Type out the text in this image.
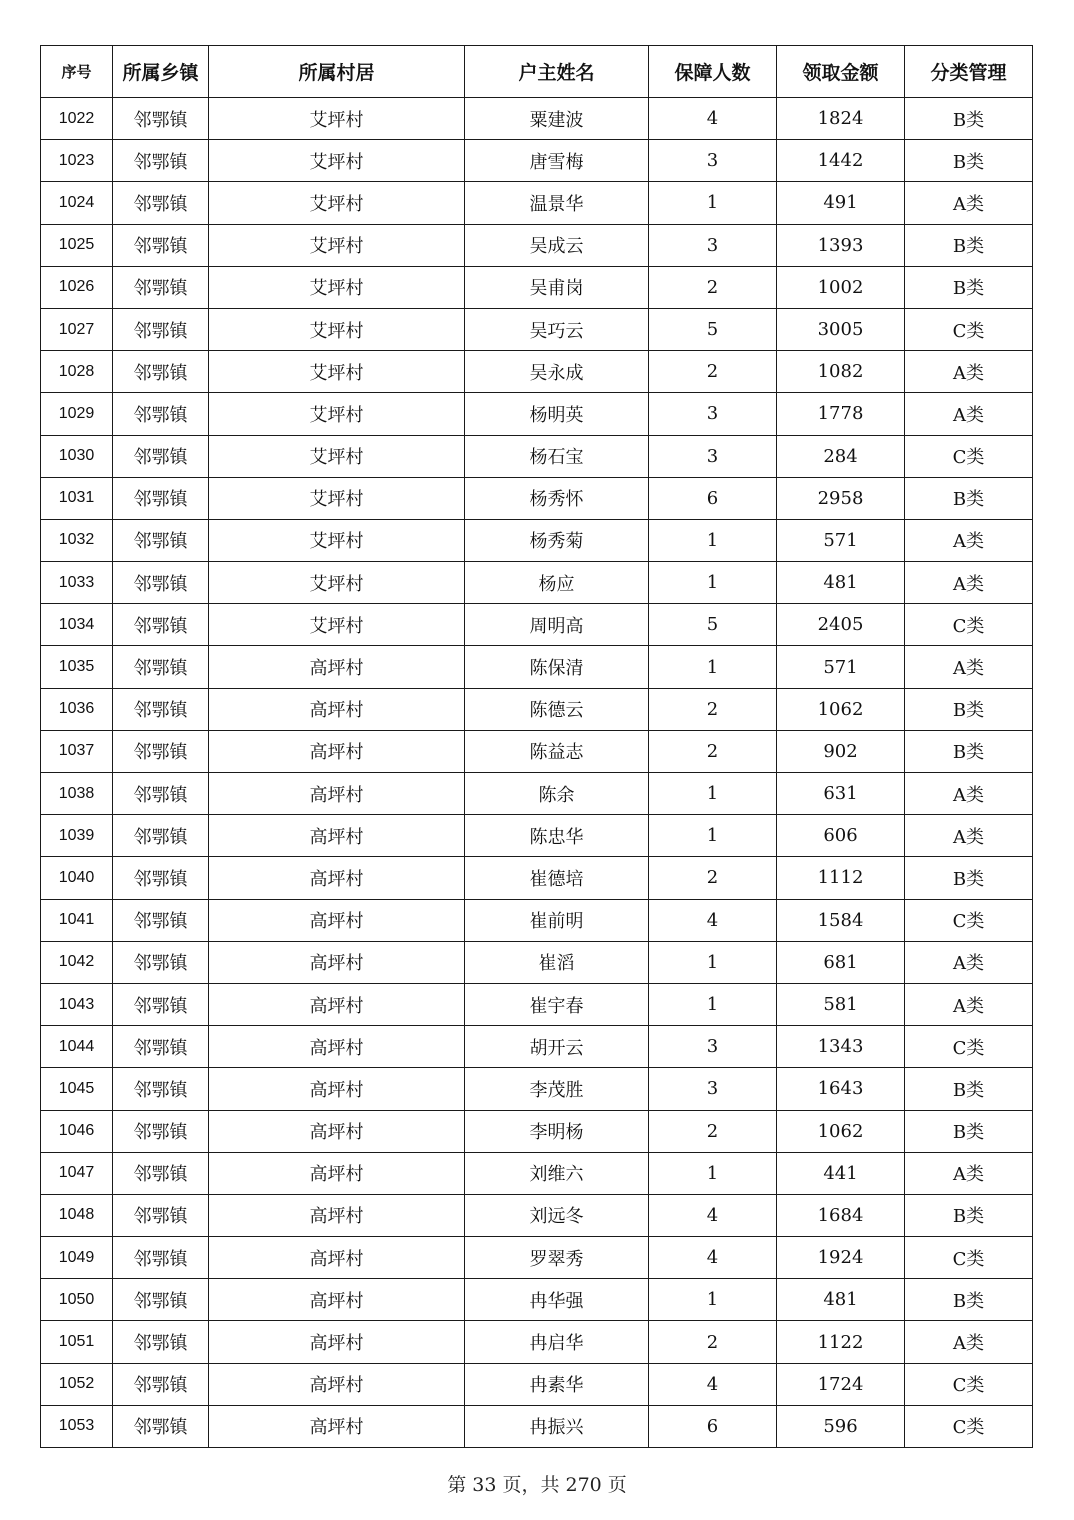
序号	所属乡镇	所属村居	户主姓名	保障人数	领取金额	分类管理
1022	邻鄂镇	艾坪村	粟建波	4	1824	B类
1023	邻鄂镇	艾坪村	唐雪梅	3	1442	B类
1024	邻鄂镇	艾坪村	温景华	1	491	A类
1025	邻鄂镇	艾坪村	吴成云	3	1393	B类
1026	邻鄂镇	艾坪村	吴甫岗	2	1002	B类
1027	邻鄂镇	艾坪村	吴巧云	5	3005	C类
1028	邻鄂镇	艾坪村	吴永成	2	1082	A类
1029	邻鄂镇	艾坪村	杨明英	3	1778	A类
1030	邻鄂镇	艾坪村	杨石宝	3	284	C类
1031	邻鄂镇	艾坪村	杨秀怀	6	2958	B类
1032	邻鄂镇	艾坪村	杨秀菊	1	571	A类
1033	邻鄂镇	艾坪村	杨应	1	481	A类
1034	邻鄂镇	艾坪村	周明高	5	2405	C类
1035	邻鄂镇	高坪村	陈保清	1	571	A类
1036	邻鄂镇	高坪村	陈德云	2	1062	B类
1037	邻鄂镇	高坪村	陈益志	2	902	B类
1038	邻鄂镇	高坪村	陈余	1	631	A类
1039	邻鄂镇	高坪村	陈忠华	1	606	A类
1040	邻鄂镇	高坪村	崔德培	2	1112	B类
1041	邻鄂镇	高坪村	崔前明	4	1584	C类
1042	邻鄂镇	高坪村	崔滔	1	681	A类
1043	邻鄂镇	高坪村	崔宇春	1	581	A类
1044	邻鄂镇	高坪村	胡开云	3	1343	C类
1045	邻鄂镇	高坪村	李茂胜	3	1643	B类
1046	邻鄂镇	高坪村	李明杨	2	1062	B类
1047	邻鄂镇	高坪村	刘维六	1	441	A类
1048	邻鄂镇	高坪村	刘远冬	4	1684	B类
1049	邻鄂镇	高坪村	罗翠秀	4	1924	C类
1050	邻鄂镇	高坪村	冉华强	1	481	B类
1051	邻鄂镇	高坪村	冉启华	2	1122	A类
1052	邻鄂镇	高坪村	冉素华	4	1724	C类
1053	邻鄂镇	高坪村	冉振兴	6	596	C类
第 33 页，共 270 页
